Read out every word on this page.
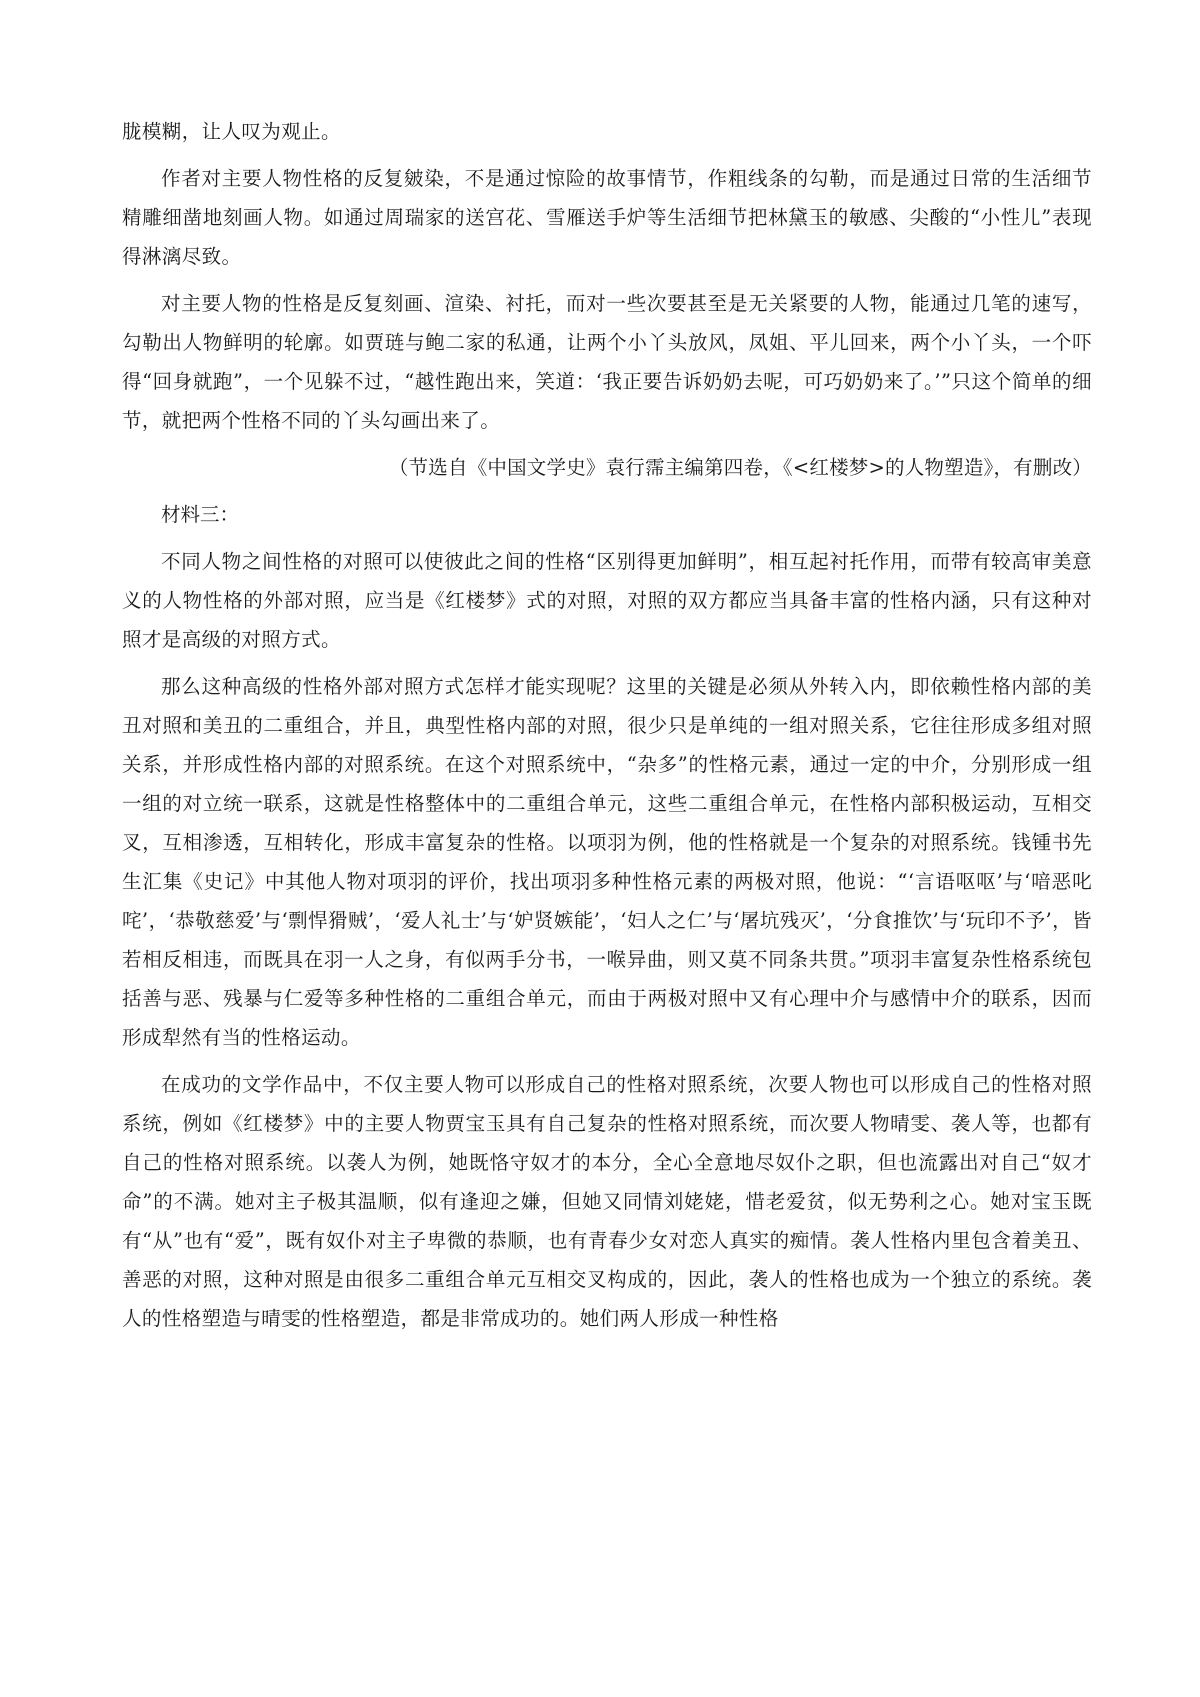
胧模糊，让人叹为观止。

作者对主要人物性格的反复皴染，不是通过惊险的故事情节，作粗线条的勾勒，而是通过日常的生活细节精雕细凿地刻画人物。如通过周瑞家的送宫花、雪雁送手炉等生活细节把林黛玉的敏感、尖酸的“小性儿”表现得淋漓尽致。

对主要人物的性格是反复刻画、渲染、衬托，而对一些次要甚至是无关紧要的人物，能通过几笔的速写，勾勒出人物鲜明的轮廓。如贾琏与鲍二家的私通，让两个小丫头放风，凤姐、平儿回来，两个小丫头，一个吓得“回身就跑”，一个见躲不过，“越性跑出来，笑道：‘我正要告诉奶奶去呢，可巧奶奶来了。’”只这个简单的细节，就把两个性格不同的丫头勾画出来了。

（节选自《中国文学史》袁行霈主编第四卷，《<红楼梦>的人物塑造》，有删改）

材料三：

不同人物之间性格的对照可以使彼此之间的性格“区别得更加鲜明”，相互起衬托作用，而带有较高审美意义的人物性格的外部对照，应当是《红楼梦》式的对照，对照的双方都应当具备丰富的性格内涵，只有这种对照才是高级的对照方式。

那么这种高级的性格外部对照方式怎样才能实现呢？这里的关键是必须从外转入内，即依赖性格内部的美丑对照和美丑的二重组合，并且，典型性格内部的对照，很少只是单纯的一组对照关系，它往往形成多组对照关系，并形成性格内部的对照系统。在这个对照系统中，“杂多”的性格元素，通过一定的中介，分别形成一组一组的对立统一联系，这就是性格整体中的二重组合单元，这些二重组合单元，在性格内部积极运动，互相交叉，互相渗透，互相转化，形成丰富复杂的性格。以项羽为例，他的性格就是一个复杂的对照系统。钱锺书先生汇集《史记》中其他人物对项羽的评价，找出项羽多种性格元素的两极对照，他说：“‘言语呕呕’与‘喑恶叱咤’，‘恭敬慈爱’与‘剽悍猾贼’，‘爱人礼士’与‘妒贤嫉能’，‘妇人之仁’与‘屠坑残灭’，‘分食推饮’与‘玩印不予’，皆若相反相违，而既具在羽一人之身，有似两手分书，一喉异曲，则又莫不同条共贯。”项羽丰富复杂性格系统包括善与恶、残暴与仁爱等多种性格的二重组合单元，而由于两极对照中又有心理中介与感情中介的联系，因而形成犁然有当的性格运动。

在成功的文学作品中，不仅主要人物可以形成自己的性格对照系统，次要人物也可以形成自己的性格对照系统，例如《红楼梦》中的主要人物贾宝玉具有自己复杂的性格对照系统，而次要人物晴雯、袭人等，也都有自己的性格对照系统。以袭人为例，她既恪守奴才的本分，全心全意地尽奴仆之职，但也流露出对自己“奴才命”的不满。她对主子极其温顺，似有逢迎之嫌，但她又同情刘姥姥，惜老爱贫，似无势利之心。她对宝玉既有“从”也有“爱”，既有奴仆对主子卑微的恭顺，也有青春少女对恋人真实的痴情。袭人性格内里包含着美丑、善恶的对照，这种对照是由很多二重组合单元互相交叉构成的，因此，袭人的性格也成为一个独立的系统。袭人的性格塑造与晴雯的性格塑造，都是非常成功的。她们两人形成一种性格
